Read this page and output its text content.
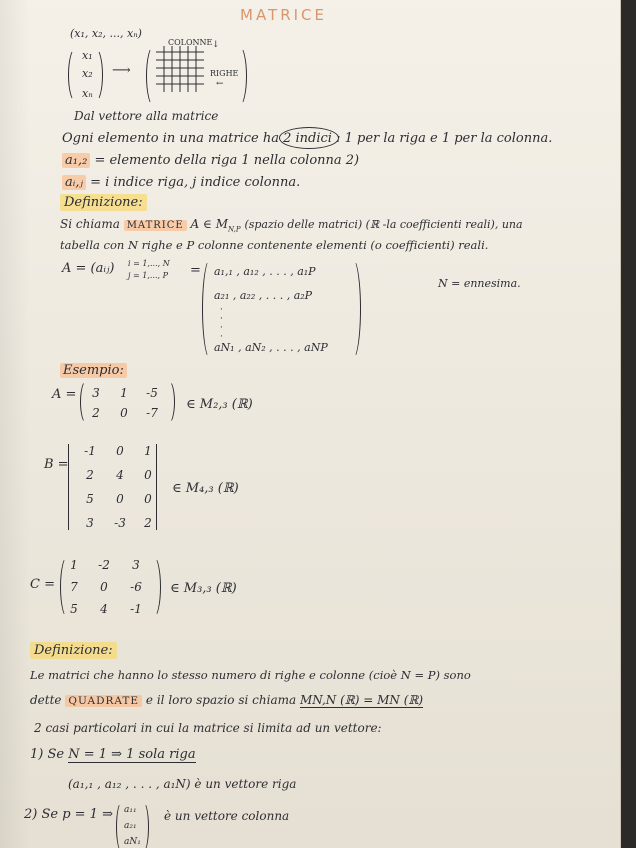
MATRICE
(x₁, x₂, ..., xₙ)
x₁
x₂
xₙ
⟶
COLONNE ↓
RIGHE
←
Dal vettore alla matrice
Ogni elemento in una matrice ha 2 indici : 1 per la riga e 1 per la colonna.
a₁,₂ = elemento della riga 1 nella colonna 2)
aᵢ,ⱼ = i indice riga, j indice colonna.
Definizione:
Si chiama MATRICE A ∈ $M_{N,P}$ (spazio delle matrici) (ℝ -la coefficienti reali), una
tabella con N righe e P colonne contenente elementi (o coefficienti) reali.
A = (aᵢⱼ) i = 1,..., N
j = 1,..., P = a₁,₁ , a₁₂ , . . . , a₁P
a₂₁ , a₂₂ , . . . , a₂P
·
·
·
·
aN₁ , aN₂ , . . . , aNP
N = ennesima.
Esempio:
A =	3	1	-5
2	0	-7
∈ M₂,₃ (ℝ)
B =
-1	0	1
2	4	0
5	0	0
3	-3	2
∈ M₄,₃ (ℝ)
C =
1	-2	3
7	0	-6
5	4	-1
∈ M₃,₃ (ℝ)
Definizione:
Le matrici che hanno lo stesso numero di righe e colonne (cioè N = P) sono
dette QUADRATE e il loro spazio si chiama MN,N (ℝ) = MN (ℝ)
2 casi particolari in cui la matrice si limita ad un vettore:
1) Se N = 1 ⇒ 1 sola riga
(a₁,₁ , a₁₂ , . . . , a₁N) è un vettore riga
2) Se p = 1 ⇒ a₁₁
a₂₁
aN₁
è un vettore colonna
